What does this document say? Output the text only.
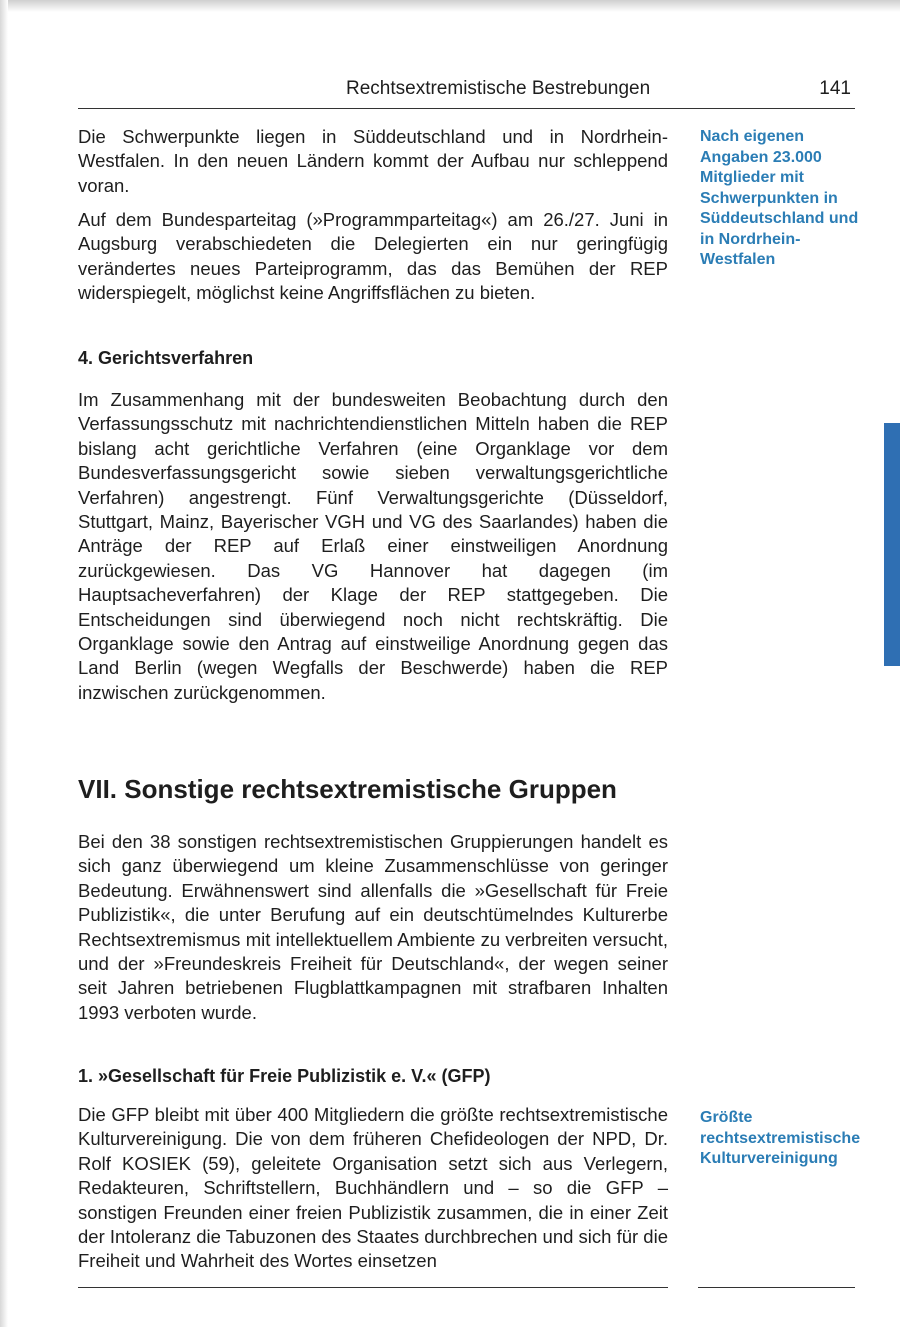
Rechtsextremistische Bestrebungen	141

Die Schwerpunkte liegen in Süddeutschland und in Nordrhein-Westfalen. In den neuen Ländern kommt der Aufbau nur schleppend voran.

Auf dem Bundesparteitag (»Programmparteitag«) am 26./27. Juni in Augsburg verabschiedeten die Delegierten ein nur geringfügig verändertes neues Parteiprogramm, das das Bemühen der REP widerspiegelt, möglichst keine Angriffsflächen zu bieten.

Nach eigenen Angaben 23.000 Mitglieder mit Schwerpunkten in Süddeutschland und in Nordrhein-Westfalen

4. Gerichtsverfahren

Im Zusammenhang mit der bundesweiten Beobachtung durch den Verfassungsschutz mit nachrichtendienstlichen Mitteln haben die REP bislang acht gerichtliche Verfahren (eine Organklage vor dem Bundesverfassungsgericht sowie sieben verwaltungsgerichtliche Verfahren) angestrengt. Fünf Verwaltungsgerichte (Düsseldorf, Stuttgart, Mainz, Bayerischer VGH und VG des Saarlandes) haben die Anträge der REP auf Erlaß einer einstweiligen Anordnung zurückgewiesen. Das VG Hannover hat dagegen (im Hauptsacheverfahren) der Klage der REP stattgegeben. Die Entscheidungen sind überwiegend noch nicht rechtskräftig. Die Organklage sowie den Antrag auf einstweilige Anordnung gegen das Land Berlin (wegen Wegfalls der Beschwerde) haben die REP inzwischen zurückgenommen.

VII. Sonstige rechtsextremistische Gruppen

Bei den 38 sonstigen rechtsextremistischen Gruppierungen handelt es sich ganz überwiegend um kleine Zusammenschlüsse von geringer Bedeutung. Erwähnenswert sind allenfalls die »Gesellschaft für Freie Publizistik«, die unter Berufung auf ein deutschtümelndes Kulturerbe Rechtsextremismus mit intellektuellem Ambiente zu verbreiten versucht, und der »Freundeskreis Freiheit für Deutschland«, der wegen seiner seit Jahren betriebenen Flugblattkampagnen mit strafbaren Inhalten 1993 verboten wurde.

1. »Gesellschaft für Freie Publizistik e. V.« (GFP)

Die GFP bleibt mit über 400 Mitgliedern die größte rechtsextremistische Kulturvereinigung. Die von dem früheren Chefideologen der NPD, Dr. Rolf KOSIEK (59), geleitete Organisation setzt sich aus Verlegern, Redakteuren, Schriftstellern, Buchhändlern und – so die GFP – sonstigen Freunden einer freien Publizistik zusammen, die in einer Zeit der Intoleranz die Tabuzonen des Staates durchbrechen und sich für die Freiheit und Wahrheit des Wortes einsetzen

Größte rechtsextremistische Kulturvereinigung
